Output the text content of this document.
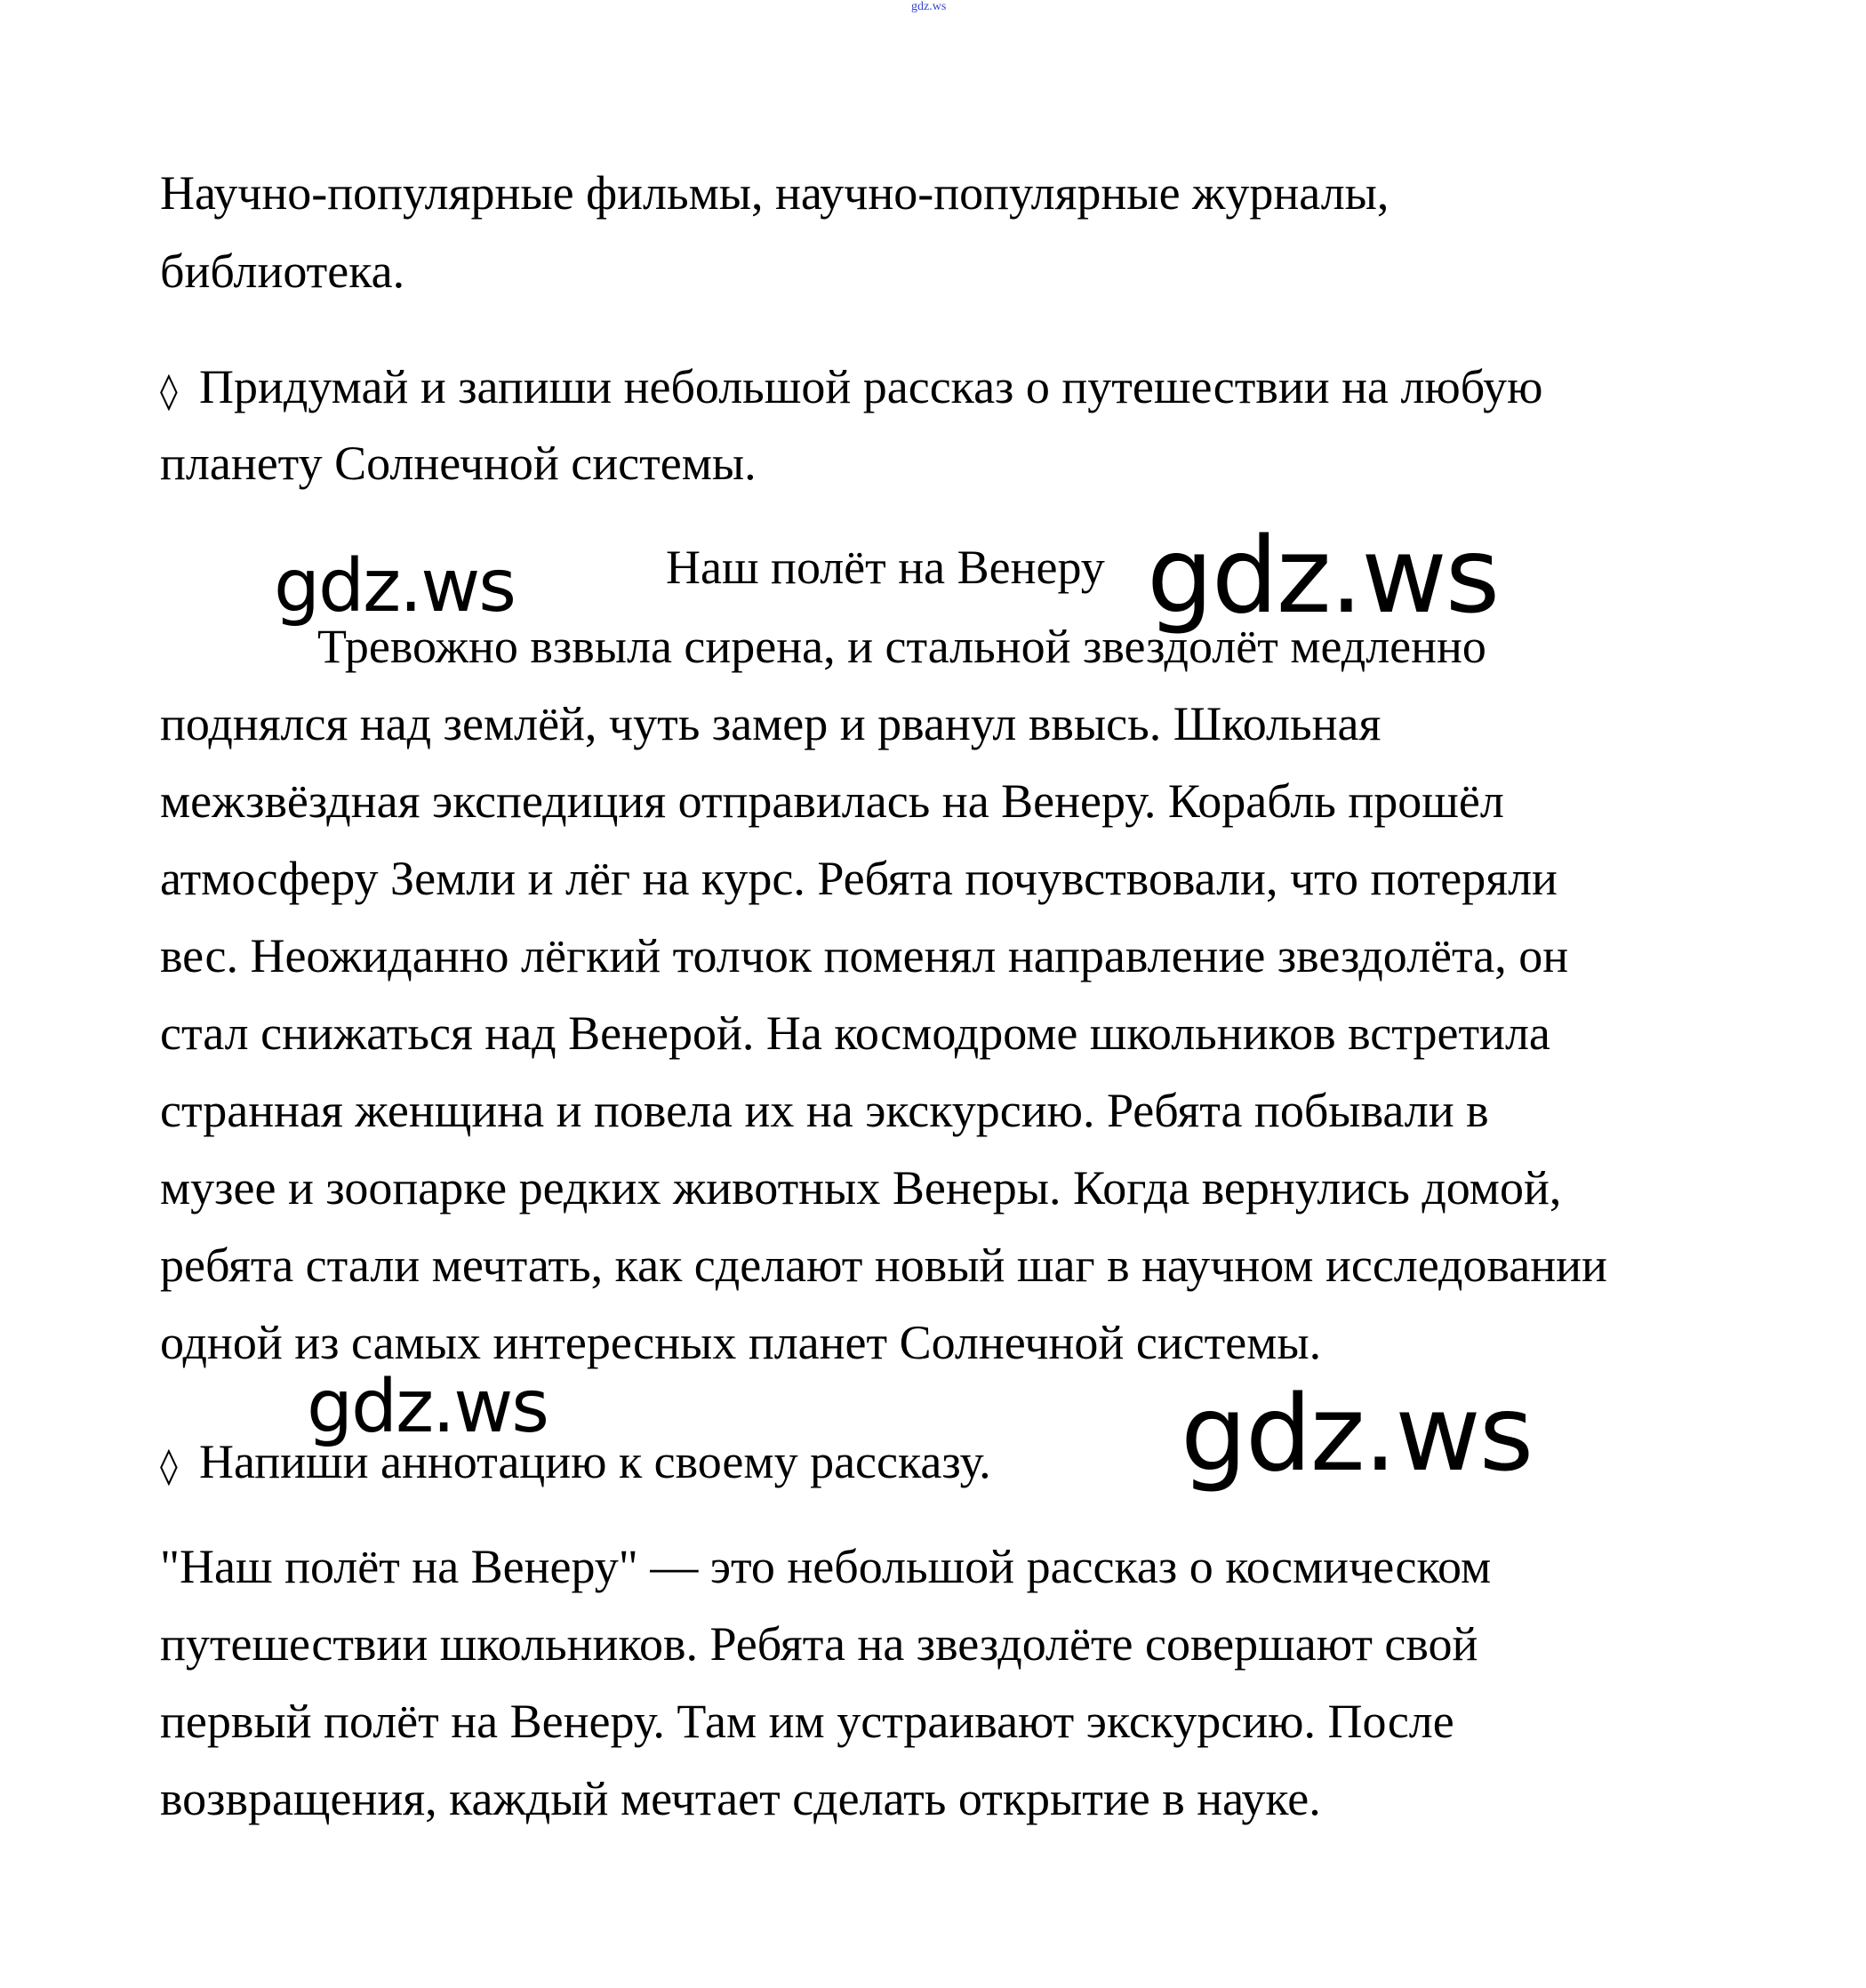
gdz.ws
Научно-популярные фильмы, научно-популярные журналы,
библиотека.
◊ Придумай и запиши небольшой рассказ о путешествии на любую
планету Солнечной системы.
Наш полёт на Венеру
Тревожно взвыла сирена, и стальной звездолёт медленно
поднялся над землёй, чуть замер и рванул ввысь. Школьная
межзвёздная экспедиция отправилась на Венеру. Корабль прошёл
атмосферу Земли и лёг на курс. Ребята почувствовали, что потеряли
вес. Неожиданно лёгкий толчок поменял направление звездолёта, он
стал снижаться над Венерой. На космодроме школьников встретила
странная женщина и повела их на экскурсию. Ребята побывали в
музее и зоопарке редких животных Венеры. Когда вернулись домой,
ребята стали мечтать, как сделают новый шаг в научном исследовании
одной из самых интересных планет Солнечной системы.
◊ Напиши аннотацию к своему рассказу.
"Наш полёт на Венеру" — это небольшой рассказ о космическом
путешествии школьников. Ребята на звездолёте совершают свой
первый полёт на Венеру. Там им устраивают экскурсию. После
возвращения, каждый мечтает сделать открытие в науке.
gdz.ws	gdz.ws
gdz.ws	gdz.ws
